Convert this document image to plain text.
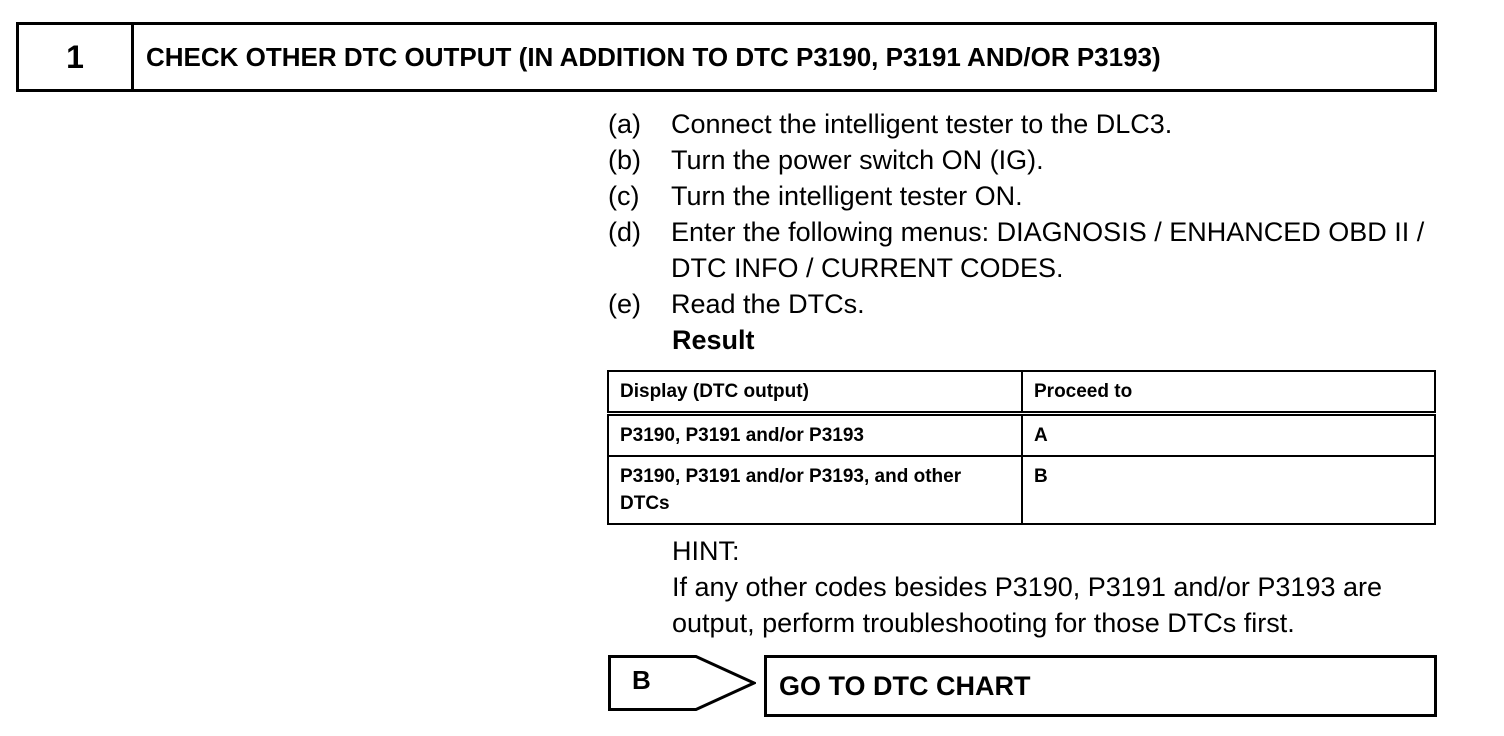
1	CHECK OTHER DTC OUTPUT (IN ADDITION TO DTC P3190, P3191 AND/OR P3193)
(a)	Connect the intelligent tester to the DLC3.
(b)	Turn the power switch ON (IG).
(c)	Turn the intelligent tester ON.
(d)	Enter the following menus: DIAGNOSIS / ENHANCED OBD II / DTC INFO / CURRENT CODES.
(e)	Read the DTCs.
Result
Display (DTC output)	Proceed to
P3190, P3191 and/or P3193	A
P3190, P3191 and/or P3193, and other DTCs	B
HINT:
If any other codes besides P3190, P3191 and/or P3193 are output, perform troubleshooting for those DTCs first.
B	GO TO DTC CHART
